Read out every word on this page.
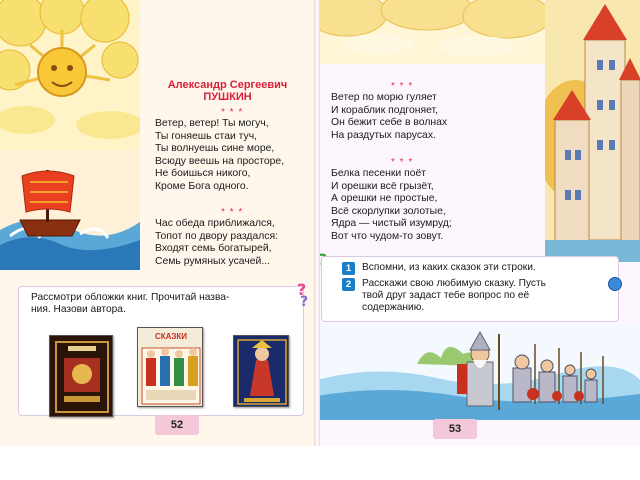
Александр Сергеевич
ПУШКИН
* * *
Ветер, ветер! Ты могуч,
Ты гоняешь стаи туч,
Ты волнуешь сине море,
Всюду веешь на просторе,
Не боишься никого,
Кроме Бога одного.
* * *
Час обеда приближался,
Топот по двору раздался:
Входят семь богатырей,
Семь румяных усачей...
Рассмотри обложки книг. Прочитай назва-
ния. Назови автора.
СКАЗКИ
?
?
52
* * *
Ветер по морю гуляет
И кораблик подгоняет,
Он бежит себе в волнах
На раздутых парусах.
* * *
Белка песенки поёт
И орешки всё грызёт,
А орешки не простые,
Всё скорлупки золотые,
Ядра — чистый изумруд;
Вот что чудом-то зовут.
1	Вспомни, из каких сказок эти строки.
2	Расскажи свою любимую сказку. Пусть
твой друг задаст тебе вопрос по её
содержанию.
53
